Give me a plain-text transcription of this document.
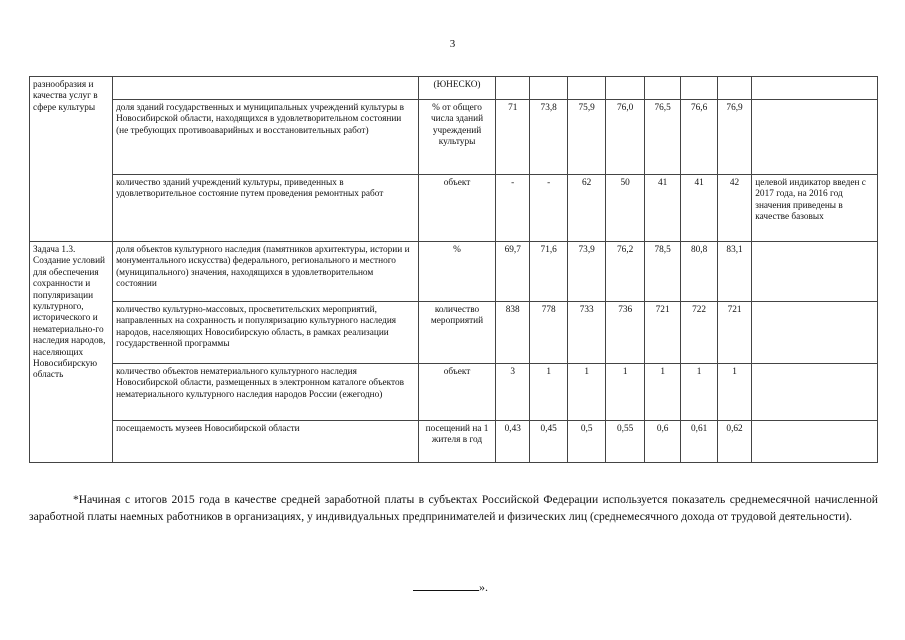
3
разнообразия и качества услуг в сфере культуры		(ЮНЕСКО)								
	доля зданий государственных и муниципальных учреждений культуры в Новосибирской области, находящихся в удовлетворительном состоянии (не требующих противоаварийных и восстановительных работ)	% от общего числа зданий учреждений культуры	71	73,8	75,9	76,0	76,5	76,6	76,9	
	количество зданий учреждений культуры, приведенных в удовлетворительное состояние путем проведения ремонтных работ	объект	-	-	62	50	41	41	42	целевой индикатор введен с 2017 года, на 2016 год значения приведены в качестве базовых
Задача 1.3. Создание условий для обеспечения сохранности и популяризации культурного, исторического и нематериально-го наследия народов, населяющих Новосибирскую область	доля объектов культурного наследия (памятников архитектуры, истории и монументального искусства) федерального, регионального и местного (муниципального) значения, находящихся в удовлетворительном состоянии	%	69,7	71,6	73,9	76,2	78,5	80,8	83,1	
	количество культурно-массовых, просветительских мероприятий, направленных на сохранность и популяризацию культурного наследия народов, населяющих Новосибирскую область, в рамках реализации государственной программы	количество мероприятий	838	778	733	736	721	722	721	
	количество объектов нематериального культурного наследия Новосибирской области, размещенных в электронном каталоге объектов нематериального культурного наследия народов России (ежегодно)	объект	3	1	1	1	1	1	1	
	посещаемость музеев Новосибирской области	посещений на 1 жителя в год	0,43	0,45	0,5	0,55	0,6	0,61	0,62	
*Начиная с итогов 2015 года в качестве средней заработной платы в субъектах Российской Федерации используется показатель среднемесячной начисленной заработной платы наемных работников в организациях, у индивидуальных предпринимателей и физических лиц (среднемесячного дохода от трудовой деятельности).
».
